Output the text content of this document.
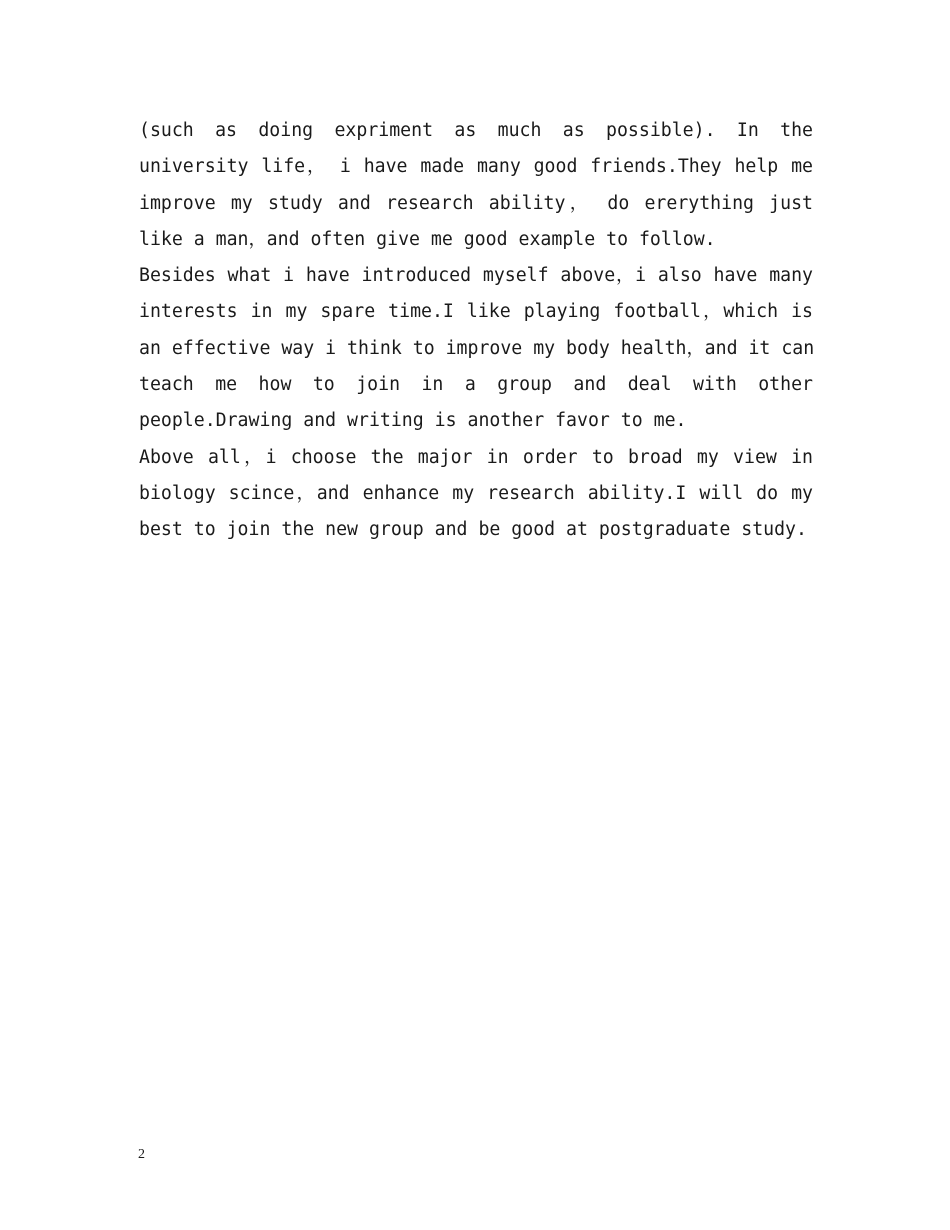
(such as doing expriment as much as possible). In the
university life， i have made many good friends.They help me
improve my study and research ability， do ererything just
like a man，and often give me good example to follow.
Besides what i have introduced myself above，i also have many
interests in my spare time.I like playing football，which is
an effective way i think to improve my body health，and it can
teach me how to join in a group and deal with other
people.Drawing and writing is another favor to me.
Above all，i choose the major in order to broad my view in
biology scince，and enhance my research ability.I will do my
best to join the new group and be good at postgraduate study.
2
